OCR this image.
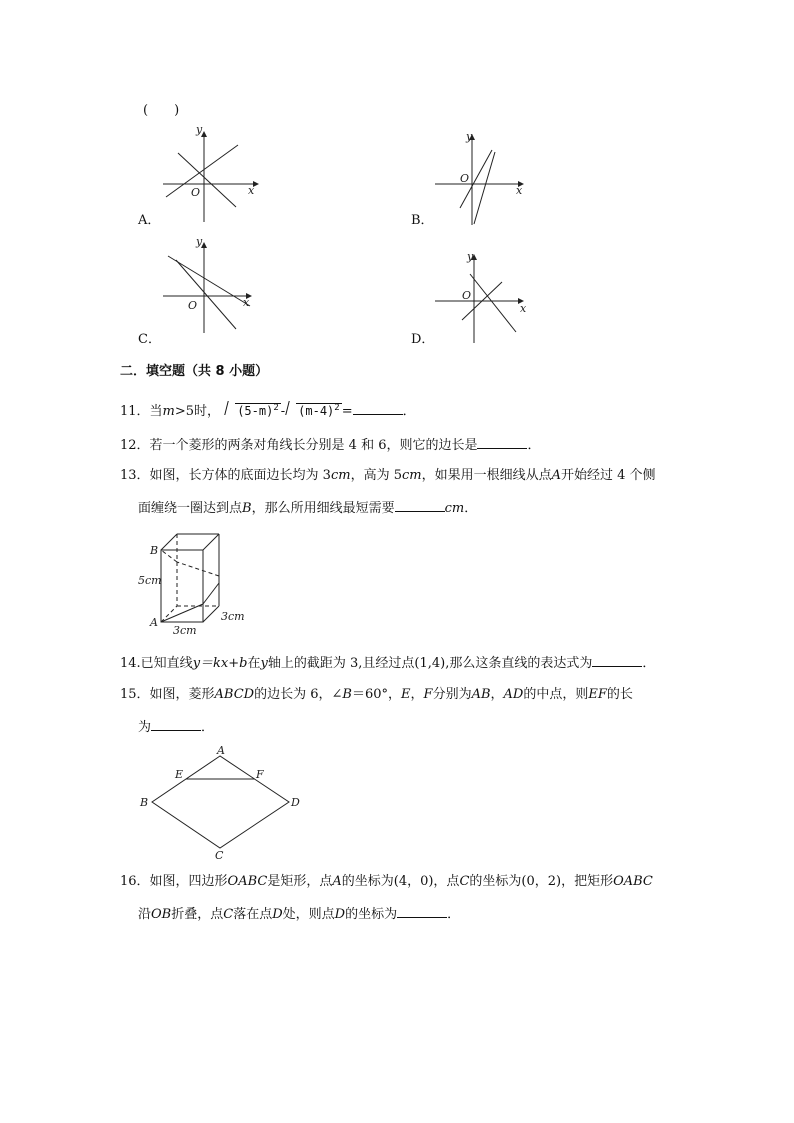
( )
y
x
O
A．
y
x
O
B．
y
x
O
C．
y
x
O
D．
二．填空题（共 8 小题）
11．当m>5时， $(5-m)^2 - (m-4)^2$ =	．
12．若一个菱形的两条对角线长分别是 4 和 6，则它的边长是	．
13．如图，长方体的底面边长均为 3cm，高为 5cm，如果用一根细线从点A开始经过 4 个侧
面缠绕一圈达到点B，那么所用细线最短需要	cm．
B
A
5cm
3cm
3cm
14.已知直线y＝kx+b在y轴上的截距为 3,且经过点(1,4),那么这条直线的表达式为	．
15．如图，菱形ABCD的边长为 6，∠B＝60°，E，F分别为AB，AD的中点，则EF的长
为	．
A
B
C
D
E	F
16．如图，四边形OABC是矩形，点A的坐标为(4，0)，点C的坐标为(0，2)，把矩形OABC
沿OB折叠，点C落在点D处，则点D的坐标为	．
